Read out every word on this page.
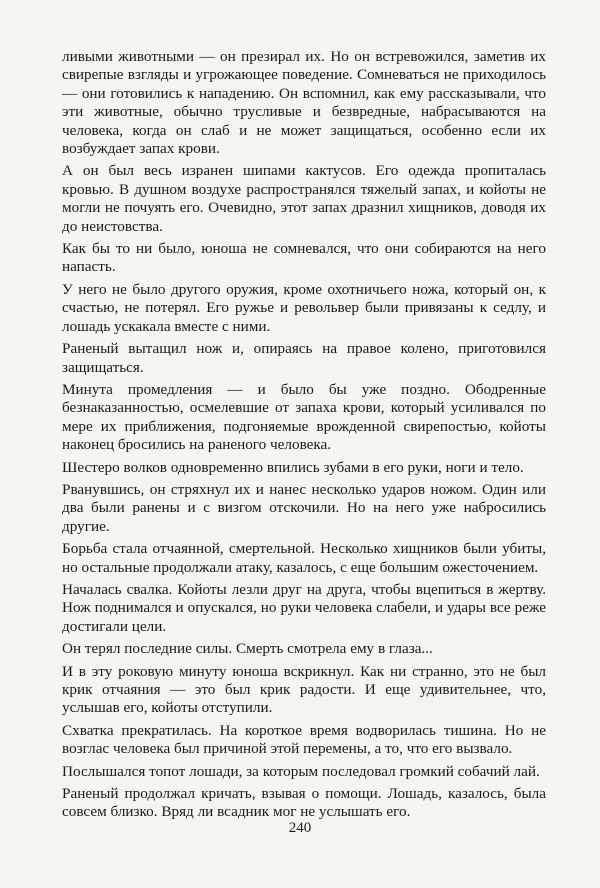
ливыми животными — он презирал их. Но он встревожился, заметив их свирепые взгляды и угрожающее поведение. Сомневаться не приходилось — они готовились к нападению. Он вспомнил, как ему рассказывали, что эти животные, обычно трусливые и безвредные, набрасываются на человека, когда он слаб и не может защищаться, особенно если их возбуждает запах крови.

А он был весь изранен шипами кактусов. Его одежда пропиталась кровью. В душном воздухе распространялся тяжелый запах, и койоты не могли не почуять его. Очевидно, этот запах дразнил хищников, доводя их до неистовства.

Как бы то ни было, юноша не сомневался, что они собираются на него напасть.

У него не было другого оружия, кроме охотничьего ножа, который он, к счастью, не потерял. Его ружье и револьвер были привязаны к седлу, и лошадь ускакала вместе с ними.

Раненый вытащил нож и, опираясь на правое колено, приготовился защищаться.

Минута промедления — и было бы уже поздно. Ободренные безнаказанностью, осмелевшие от запаха крови, который усиливался по мере их приближения, подгоняемые врожденной свирепостью, койоты наконец бросились на раненого человека.

Шестеро волков одновременно впились зубами в его руки, ноги и тело.

Рванувшись, он стряхнул их и нанес несколько ударов ножом. Один или два были ранены и с визгом отскочили. Но на него уже набросились другие.

Борьба стала отчаянной, смертельной. Несколько хищников были убиты, но остальные продолжали атаку, казалось, с еще большим ожесточением.

Началась свалка. Койоты лезли друг на друга, чтобы вцепиться в жертву. Нож поднимался и опускался, но руки человека слабели, и удары все реже достигали цели.

Он терял последние силы. Смерть смотрела ему в глаза...

И в эту роковую минуту юноша вскрикнул. Как ни странно, это не был крик отчаяния — это был крик радости. И еще удивительнее, что, услышав его, койоты отступили.

Схватка прекратилась. На короткое время водворилась тишина. Но не возглас человека был причиной этой перемены, а то, что его вызвало.

Послышался топот лошади, за которым последовал громкий собачий лай.

Раненый продолжал кричать, взывая о помощи. Лошадь, казалось, была совсем близко. Вряд ли всадник мог не услышать его.

240
